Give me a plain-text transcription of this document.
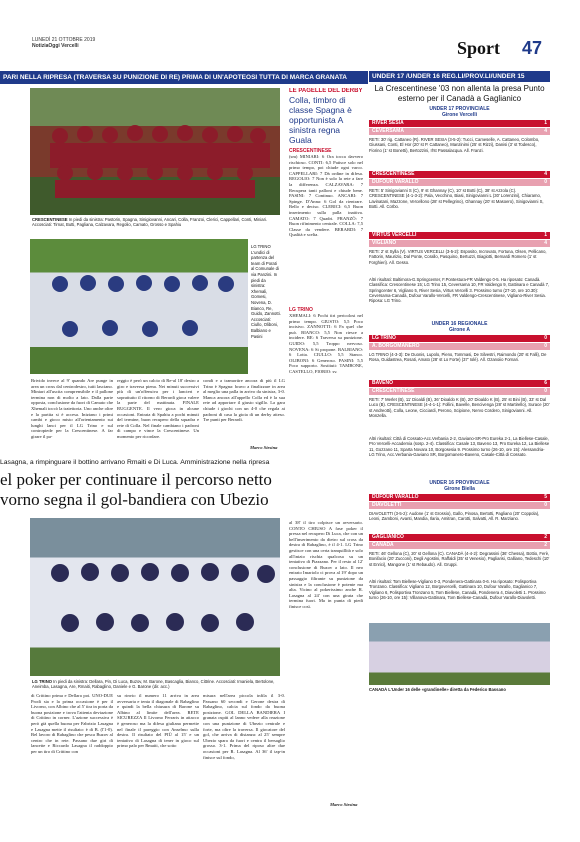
LUNEDÌ 21 OTTOBRE 2019
NotiziaOggi Vercelli	Sport 47
PARI NELLA RIPRESA (TRAVERSA SU PUNIZIONE DI RE) PRIMA DI UN'APOTEOSI TUTTA DI MARCA GRANATA
CRESCENTINESE In piedi da sinistra: Pastorin, Spagna, Sinigiovanni, Ancari, Colla, Franzoi, Clerici, Cappellari, Conti, Miniari. Accosciati: Tirnat, Butti, Pagliana, Calzavara, Regolio, Camato, Grosso e Spahiu
LG TRINO L'undici di partenza del team di Porati al Comunale di via Panzini. In piedi da sinistra: Xhemali, Gomesi, Novena, D. Bianco, Re, Guido, Zannotti. Accosciati: Ciullo, Oliboni, Balbiano e Pasini
LE PAGELLE DEL DERBY
Colla, timbro di classe Spagna è opportunista A sinistra regna Guala
CRESCENTINESE
(sm) MINIARI: 6 Ora tocca davvero rischioso. CONTI: 6,5 Patisce solo nel primo tempo, poi chiude ogni varco. CAPPELLARI: 7 Dà ordine in difesa. REGOLIO: 7 Non è solo la rete a fare la differenza. CALZAVARA: 7 Recupera tanti palloni e chiude bene. PASINI: 7 Continuo. ANCARI: 7 Spinge. D'Anna: 6 Gol da rientrare. Bello e deciso. CLERICI: 6,5 Buon inserimento sulla palla inattiva. CAMATO: 7 Quadri. FRANZÒ: 7 Buon rifinimento centrale. COLLA: 7,5 Classe da vendere. BERARDI: 7 Qualità e scelta.
LG TRINO
XHEMALI: 6 Pochi tiri pericolosi nel primo tempo. GIUSTO: 5,5 Poco incisivo. ZANNOTTI: 6 Fa quel che può. BIANCO: 5,5 Non riesce a incidere. RE: 6 Traversa su punizione. GUIDO: 5,5 Troppo nervoso. NOVENA: 6 Si propone. BALBIANO: 6 Lotta. CIULLO: 5,5 Stanco. OLIBONI: 6 Generoso. PASINI: 5,5 Poco supporto. Sostituti: TAMBONE, CASTELLO, FIORIO: sv.
Brivido invece al 9' quando Are punge in area un cross dal centrodestro, tutti lasciano. Miniari all'uscita comprensibile e il pallone termina non di molto a lato. Dalla parte opposta, conclusione da fuori di Camato che Xhemali toccò la traiettoria. Uno anche oltre e la partita si è accesa. Iniziano i primi cambi e gioco misto all'orientamento sui lunghi lanci per il LG Trino e sul contropiede per la Crescentinese. A far girare il pa-
reggio è però un calcio di Re-al 18' destro a giro e traversa piena. Nei minuti successivi più di un'offensiva per i lancieri e soprattutto il ritorno di Berardi gioca valere la parte del mattinata. FINALE RUGGENTE. Il vero gioca in alcune occasioni. Entrata di Spahiu a pochi minuti del termine, buon recupero della squadra e rete di Colla. Nel finale cambiano i padroni di campo e vince la Crescentinese. Un momento per ricordare.
condi e a tramortire ancora di più il LG Trino è Spagna: bravo a finalizzare in area al meglio una palla in arrivo da sinistra, 3-0. Manca ancora all'appello Colla ed è la sua rete ad apportare il giusto sigillo. La gara chiude i giochi con un 4-0 che regala ai padroni di casa la gioia di un derby atteso. Tre punti per Berardi.
Marco Siesina
Lasagna, a rimpinguare il bottino arrivano Rmaiti e Di Luca. Amministrazione nella ripresa
el poker per continuare il percorso netto
vorno segna il gol-bandiera con Ubezio
LG TRINO In piedi da sinistra: Dellara, Pin, Di Luca, Buzov, M. Barone, Bascaglia, Bianco, Cittrine. Accosciati: Imaniela, Bertolone, Aneimba, Lasagna, Are, Rmaiti, Rabaglino, Daniele e G. Barone (dir. acc.)
di Crittino prima e Dellara poi. UNO-DUE Prodi sia e la prima occasione è per il Livorno, con Albino che al 5' tira in porta da buona posizione e trova l'attenta deviazione di Crittino in corner. L'azione successiva è però già quella buona per Fabrizio Lasagna e Lasagna mette il risultato: è di B. (l'1-0). Bel lavoro di Rabaglino che pesca Buzov al centro che in rete. Passano due giri di lancette e Riccardo Lasagna il raddoppio per un tiro di Crittino con
su rinvio il numero 11 arriva in area avversaria e tenta il diagonale di Rabaglino e quindi la bella chiusura di Barone su Albino al limite dell'area. RETE SICUREZZA Il Livorno Ferraris in attacco è generoso ma la difesa giuliana permette nel finale il pareggio con Anselmo sulla destra. Il risultato del PIÙ al 15' e un tentativo di Lasagna di tener in gioco sul primo palo per Rmaiti, che sotto
misura nell'area piccola infila il 3-0. Passano 60 secondi e Gerone destra di Rabaglino, calcia sul fondo da buona posizione. GOL DELLA BANDIERA I granata ospiti al lanno vedere alla reazione con una punizione di Ubezio centrale e forte, ma oltre la traversa. Il giocatore del gol, che arriva di distanza: al 25' sempre Ubezio spara da fuori e centra il bersaglio grosso. 3-1. Prima del riposo altre due occasioni per R. Lasagna. Al 36' il tap-in finisce sul fondo,
al 38' il tiro colpisce un avversario. CONTO CHIUSO A fase poker il pressa nel recupero Di Luca, che con un bell'inserimento da dietro sul cross da destra di Rabaglino, è il 4-1. LG Trino gestisce con una certa tranquillità e solo all'inizio rischia qualcosa su un tentativo di Piazzano. Per il resto al 12' conclusione di Buzov a lato. Il neo entrato Imariolo ci prova al 19' dopo un passaggio filtrante su punizione da sinistra e la conclusione è potente ma alta. Vicino al pokerissimo anche R. Lasagna al 24' con una girata che termina fuori. Ma in punta di piedi finisce così.
Marco Siesina
UNDER 17 /UNDER 16 REG.LI/PROV.LI/UNDER 15
La Crescentinese '03 non allenta la presa Punto esterno per il Canadà a Gaglianico
UNDER 17 PROVINCIALE
Girone Vercelli
RIVER SESIA	1
CEVERSAMA	4
RETI: 30' rig. Cattaneo (R). RIVER SESIA (3-5-2): Tucci, Cameselle, A. Cattaneo, Colombo, Giussani, Conti, El Hor (20' st P. Cattaneo), Manzinimi (25' st Rizzi), Danisi (3' st Todesco), Fiorino (1' st Bonetti), Bertozzini, Il'st Passalacqua. All. Franzi.
CRESCENTINESE	4
DUFOUR VARALLO	0
RETI: 5' Sinigovianni S (C), 9' st Ghannay (C), 10' st Botti (C), 38' st Azzola (C). CRESCENTINESE (4-1-3-2): Pala, Vecchino, Biasi, Sinigovianni L (30' Lorenzini), Chiaramo, Lavinatani, Mazzone, Vercellono (28' st Pellegrino), Ghannay (20' st Masoero), Sinigovianni S, Botti. All. Corbo.
VIRTUS VERCELLI	1
VIGLIANO	4
RETI: 2' st Sylla (V). VIRTUS VERCELLI (3-5-2): Esposito, Incrovato, Fortuna, Olsen, Pellicano, Fattorin, Maurizio, Dal Ponte, Corallo, Pasquino, Bertuzzi, Biagiotti, Bernardi Romero (1' st Forghieri). All. Gesso.
Altri risultati: Baltimora-G.Springcenter, F.Pontestura-FR Valdengo 0-5. Ha riposato: Canadà. Classifica: Crescentinese 15; LG Trino 15, Ceversama 10, FR Valdengo 9, Gattinara e Canadà 7, Springcenter 6, Vigliano 5, River Sesia, Virtus Vercelli 3. Prossimo turno (27-10, ore 10.30): Ceversama-Canadà, Dufour Varallo-Vercelli, FR Valdengo-Crescentinese, Vigliano-River Sesia. Riposa: LG Trino.
UNDER 16 REGIONALE
Girone A
LG TRINO	0
A. BORGOMANERO	0
LG TRINO (4-3-3): De Duonis, Lupolo, Pieno, Tommasi, De Silvestri, Raimondo (20' st Falli), De Rosa, Guidastrea, Rosati, Amato (28' st Lo Forte) (37' Iolè). All. Ozanoiio Fornari.
BAVENO	6
CRESCENTINESE	0
RETI: 7' Merlet (B), 11' Dioaldi (B), 36' Dioaldo K (B), 20' Dioaldo K (B), 25' st Bini (B), 33' st Dal Luco (B). CRESCENTINESE (4-4-1-1): Follini, Bavelle, Bencivenga (28' st Martirello), Surace (20' st Andreotti), Colla, Leone, Cicciardi, Perono, Scipione, Nervo Cordero, Sinigovianni. All. Monzella.
Altri risultati: Città di Cossato-Acc.Verbania 2-2, Gaviano-SR-Pro Eureka 2-1, La Biellese-Casale, Pro Vercelli-Accademia (sosp. 2-4). Classifica: Casale 13, Baveno 13, Pro Eureka 12, La Biellese 11, Gozzano 11, Sparta Novara 10, Borgosesia 9. Prossimo turno (26-10, ore 15): Alessandria-LG Trino, Acc.Verbania-Gaviano SR, Borgomanero-Baveno, Casale-Città di Cossato.
UNDER 16 PROVINCIALE
Girone Biella
DUFOUR VARALLO	5
DIAVOLETTI	0
DIAVOLETTI (3-5-2): Audone (1' st Grossio), Gallo, Pinosa, Bertotti, Pagliano (20' Coppola), Leoni, Zamboni, Avanti, Mandia, Ilaria, Amitran, Carotti, Salvatti, All. R. Marziano.
GAGLIANICO	2
CANADÀ	2
RETI: 46' Gellona (C), 20' st Gellona (C). CANADÀ (4-4-2): Degrassini (36' Chessa), Bottio, Ferè, Bonifacio (20' Zucconi), Degli Agostini, Raffaldi (35' st Venesio), Pagliarisi, Galliano, Tedeschi (10' st Enrici), Mangone (1' st Rebaudo). All. Gruppi.
Altri risultati: Tom Biellese-Vigliano 0-3, Pondenera-Gattinara 0-6. Ha riposato: Polisportiva Tronzano. Classifica: Vigliano 12, Borgovercelli, Gattinara 10, Dufour Varallo, Gaglianico 7, Vigliano 6, Polisportiva Tronzano 5, Tom Biellese, Canadà, Pondenera 4, Diavoletti 1. Prossimo turno (26-10, ore 15): Villanova-Gattinara, Tom Biellese-Canadà, Dufour Varallo-Diavoletti.
CANADÀ L'Under 16 delle «grandinelle» diretta da Federico Bassano
